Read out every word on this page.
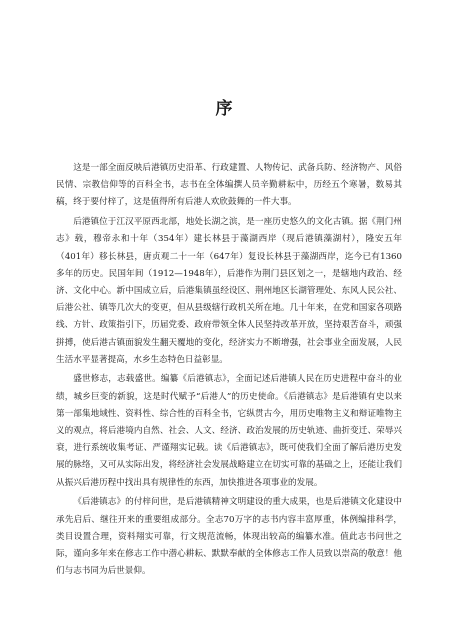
序

这是一部全面反映后港镇历史沿革、行政建置、人物传记、武备兵防、经济物产、风俗民情、宗教信仰等的百科全书，志书在全体编撰人员辛勤耕耘中，历经五个寒暑，数易其稿，终于要付梓了，这是值得所有后港人欢欣鼓舞的一件大事。

后港镇位于江汉平原西北部，地处长湖之滨，是一座历史悠久的文化古镇。据《荆门州志》载，穆帝永和十年（354年）建长林县于藻湖西岸（现后港镇藻湖村），隆安五年（401年）移长林县，唐贞观二十一年（647年）复设长林县于藻湖西岸，迄今已有1360多年的历史。民国年间（1912—1948年），后港作为荆门县区划之一，是辖地内政治、经济、文化中心。新中国成立后，后港集镇虽经设区、荆州地区长湖管理处、东风人民公社、后港公社、镇等几次大的变更，但从县级辖行政机关所在地。几十年来，在党和国家各项路线、方针、政策指引下，历届党委、政府带领全体人民坚持改革开放，坚持艰苦奋斗，顽强拼搏，使后港古镇面貌发生翻天覆地的变化，经济实力不断增强，社会事业全面发展，人民生活水平显著提高，水乡生态特色日益彰显。

盛世修志，志载盛世。编纂《后港镇志》，全面记述后港镇人民在历史进程中奋斗的业绩，城乡巨变的新貌，这是时代赋予“后港人”的历史使命。《后港镇志》是后港镇有史以来第一部集地域性、资料性、综合性的百科全书，它纵贯古今，用历史唯物主义和辩证唯物主义的观点，将后港境内自然、社会、人文、经济、政治发展的历史轨迹、曲折变迁、荣辱兴衰，进行系统收集考证、严谨翔实记载。读《后港镇志》，既可使我们全面了解后港历史发展的脉络，又可从实际出发，将经济社会发展战略建立在切实可靠的基础之上，还能让我们从振兴后港历程中找出具有规律性的东西，加快推进各项事业的发展。

《后港镇志》的付梓问世，是后港镇精神文明建设的重大成果，也是后港镇文化建设中承先启后、继往开来的重要组成部分。全志70万字的志书内容丰富厚重，体例编排科学，类目设置合理，资料翔实可靠，行文规范流畅，体现出较高的编纂水准。值此志书问世之际，谨向多年来在修志工作中潜心耕耘、默默奉献的全体修志工作人员致以崇高的敬意！他们与志书同为后世景仰。
